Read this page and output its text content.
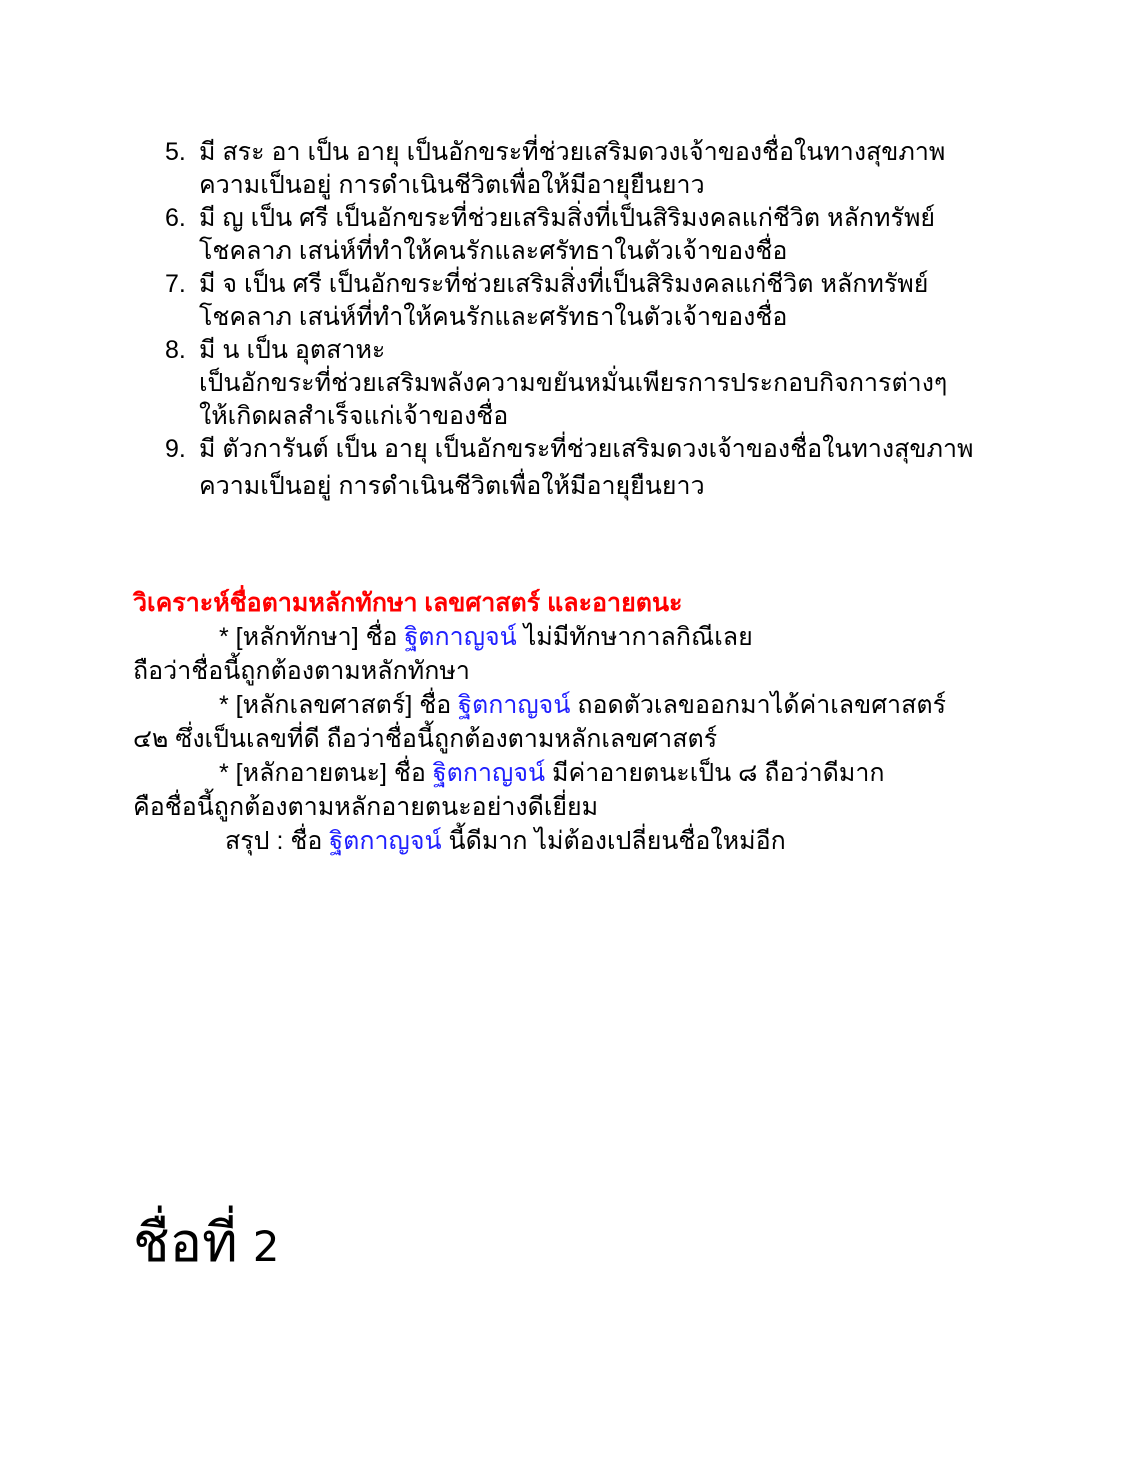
5. มี สระ อา เป็น อายุ เป็นอักขระที่ช่วยเสริมดวงเจ้าของชื่อในทางสุขภาพ
ความเป็นอยู่ การดำเนินชีวิตเพื่อให้มีอายุยืนยาว
6. มี ญ เป็น ศรี เป็นอักขระที่ช่วยเสริมสิ่งที่เป็นสิริมงคลแก่ชีวิต หลักทรัพย์
โชคลาภ เสน่ห์ที่ทำให้คนรักและศรัทธาในตัวเจ้าของชื่อ
7. มี จ เป็น ศรี เป็นอักขระที่ช่วยเสริมสิ่งที่เป็นสิริมงคลแก่ชีวิต หลักทรัพย์
โชคลาภ เสน่ห์ที่ทำให้คนรักและศรัทธาในตัวเจ้าของชื่อ
8. มี น เป็น อุตสาหะ
เป็นอักขระที่ช่วยเสริมพลังความขยันหมั่นเพียรการประกอบกิจการต่างๆ
ให้เกิดผลสำเร็จแก่เจ้าของชื่อ
9. มี ตัวการันต์ เป็น อายุ เป็นอักขระที่ช่วยเสริมดวงเจ้าของชื่อในทางสุขภาพ
ความเป็นอยู่ การดำเนินชีวิตเพื่อให้มีอายุยืนยาว
วิเคราะห์ชื่อตามหลักทักษา เลขศาสตร์ และอายตนะ
* [หลักทักษา] ชื่อ ฐิตกาญจน์ ไม่มีทักษากาลกิณีเลย
ถือว่าชื่อนี้ถูกต้องตามหลักทักษา
* [หลักเลขศาสตร์] ชื่อ ฐิตกาญจน์ ถอดตัวเลขออกมาได้ค่าเลขศาสตร์
๔๒ ซึ่งเป็นเลขที่ดี ถือว่าชื่อนี้ถูกต้องตามหลักเลขศาสตร์
* [หลักอายตนะ] ชื่อ ฐิตกาญจน์ มีค่าอายตนะเป็น ๘ ถือว่าดีมาก
คือชื่อนี้ถูกต้องตามหลักอายตนะอย่างดีเยี่ยม
สรุป : ชื่อ ฐิตกาญจน์ นี้ดีมาก ไม่ต้องเปลี่ยนชื่อใหม่อีก
ชื่อที่ 2
